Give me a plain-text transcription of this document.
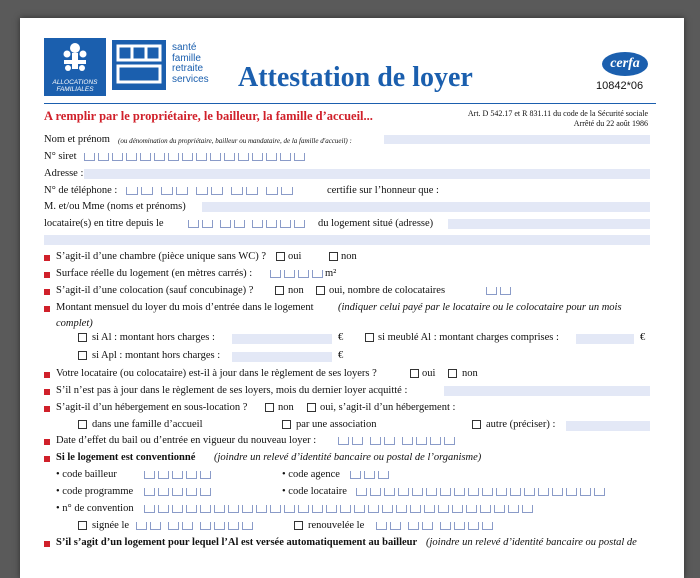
ALLOCATIONS FAMILIALES
santé
famille
retraite
services Attestation de loyer	cerfa
10842*06
A remplir par le propriétaire, le bailleur, la famille d’accueil...	Art. D 542.17 et R 831.11 du code de la Sécurité sociale
Arrêté du 22 août 1986
Nom et prénom (ou dénomination du propriétaire, bailleur ou mandataire, de la famille d'accueil) :
N° siret
Adresse :
N° de téléphone :	certifie sur l’honneur que :
M. et/ou Mme (noms et prénoms)
locataire(s) en titre depuis le	du logement situé (adresse)
S’agit-il d’une chambre (pièce unique sans WC) ? oui	non
Surface réelle du logement (en mètres carrés) :	m²
S’agit-il d’une colocation (sauf concubinage) ?	non oui, nombre de colocataires
Montant mensuel du loyer du mois d’entrée dans le logement (indiquer celui payé par le locataire ou le colocataire pour un mois
complet)
si Al : montant hors charges :	€	si meublé Al : montant charges comprises :	€
si Apl : montant hors charges :	€
Votre locataire (ou colocataire) est-il à jour dans le règlement de ses loyers ?	oui	non
S’il n’est pas à jour dans le règlement de ses loyers, mois du dernier loyer acquitté :
S’agit-il d’un hébergement en sous-location ?	non	oui, s’agit-il d’un hébergement :
dans une famille d’accueil	par une association	autre (préciser) :
Date d’effet du bail ou d’entrée en vigueur du nouveau loyer :
Si le logement est conventionné (joindre un relevé d’identité bancaire ou postal de l’organisme)
• code bailleur	• code agence
• code programme	• code locataire
• n° de convention
signée le	renouvelée le
S’il s’agit d’un logement pour lequel l’Al est versée automatiquement au bailleur (joindre un relevé d’identité bancaire ou postal de
